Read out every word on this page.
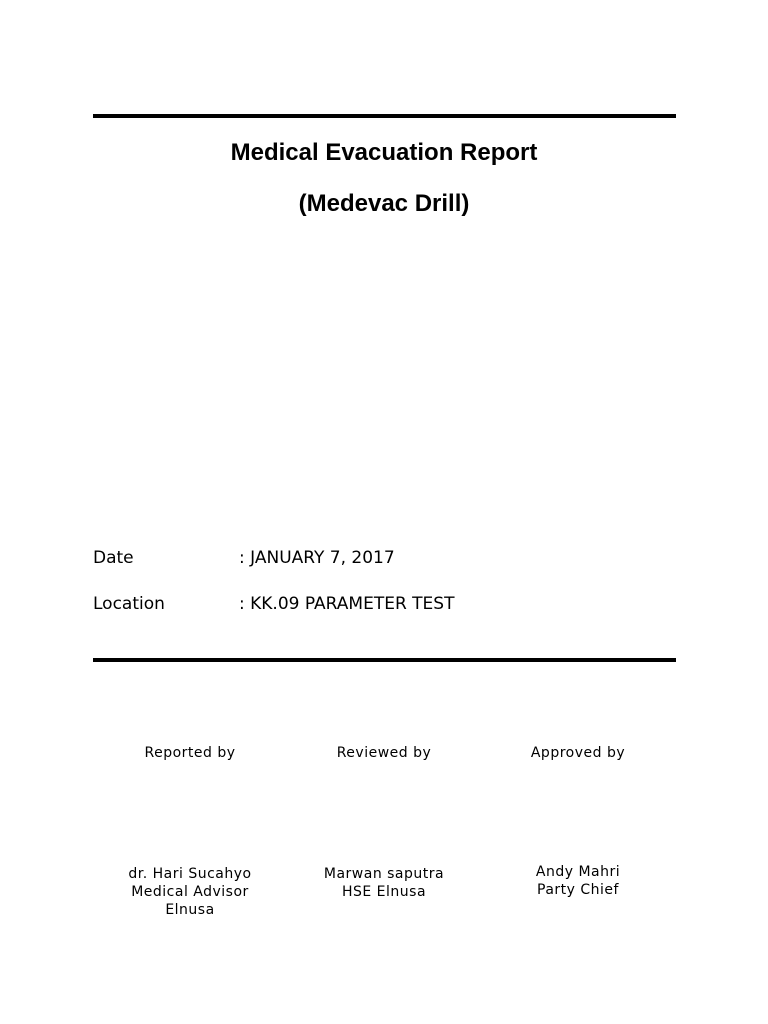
Medical Evacuation Report
(Medevac Drill)
Date	: JANUARY 7, 2017
Location	: KK.09 PARAMETER TEST
Reported by
dr. Hari Sucahyo
Medical Advisor
Elnusa
Reviewed by
Marwan saputra
HSE Elnusa
Approved by
Andy Mahri
Party Chief
